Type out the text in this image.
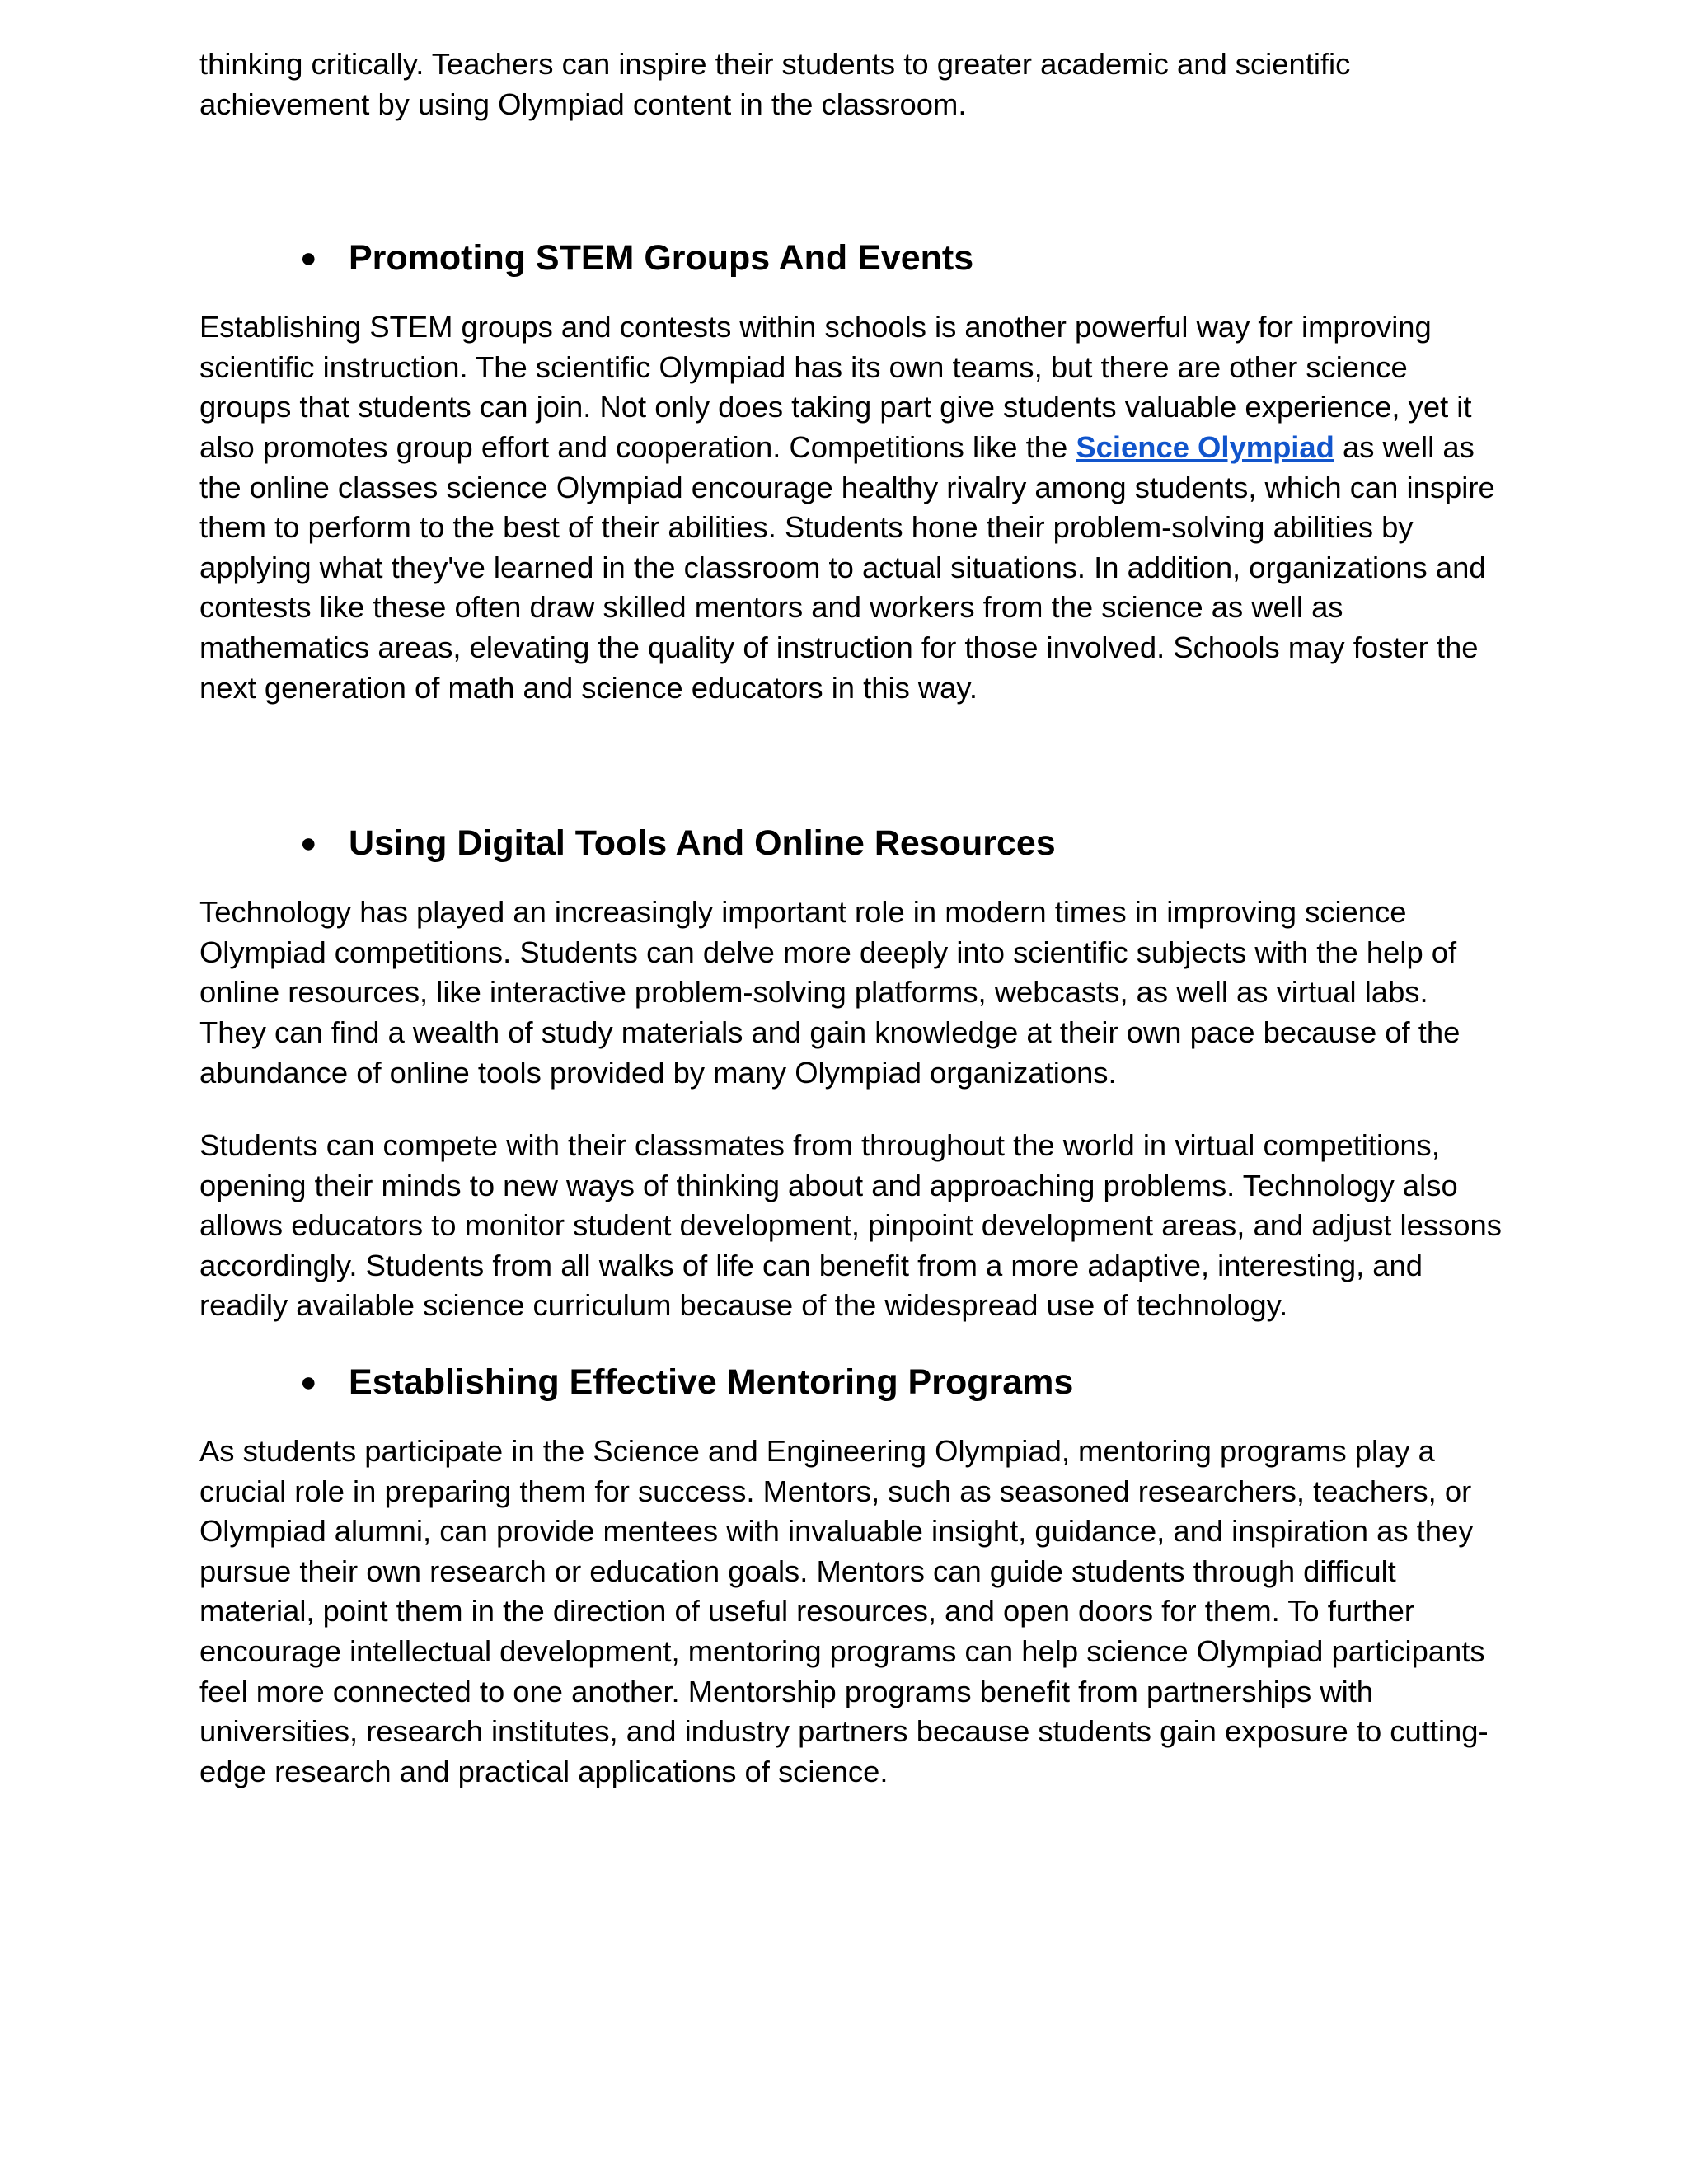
thinking critically. Teachers can inspire their students to greater academic and scientific achievement by using Olympiad content in the classroom.

● Promoting STEM Groups And Events

Establishing STEM groups and contests within schools is another powerful way for improving scientific instruction. The scientific Olympiad has its own teams, but there are other science groups that students can join. Not only does taking part give students valuable experience, yet it also promotes group effort and cooperation. Competitions like the Science Olympiad as well as the online classes science Olympiad encourage healthy rivalry among students, which can inspire them to perform to the best of their abilities. Students hone their problem-solving abilities by applying what they've learned in the classroom to actual situations. In addition, organizations and contests like these often draw skilled mentors and workers from the science as well as mathematics areas, elevating the quality of instruction for those involved. Schools may foster the next generation of math and science educators in this way.

● Using Digital Tools And Online Resources

Technology has played an increasingly important role in modern times in improving science Olympiad competitions. Students can delve more deeply into scientific subjects with the help of online resources, like interactive problem-solving platforms, webcasts, as well as virtual labs. They can find a wealth of study materials and gain knowledge at their own pace because of the abundance of online tools provided by many Olympiad organizations.

Students can compete with their classmates from throughout the world in virtual competitions, opening their minds to new ways of thinking about and approaching problems. Technology also allows educators to monitor student development, pinpoint development areas, and adjust lessons accordingly. Students from all walks of life can benefit from a more adaptive, interesting, and readily available science curriculum because of the widespread use of technology.

● Establishing Effective Mentoring Programs

As students participate in the Science and Engineering Olympiad, mentoring programs play a crucial role in preparing them for success. Mentors, such as seasoned researchers, teachers, or Olympiad alumni, can provide mentees with invaluable insight, guidance, and inspiration as they pursue their own research or education goals. Mentors can guide students through difficult material, point them in the direction of useful resources, and open doors for them. To further encourage intellectual development, mentoring programs can help science Olympiad participants feel more connected to one another. Mentorship programs benefit from partnerships with universities, research institutes, and industry partners because students gain exposure to cutting-edge research and practical applications of science.
